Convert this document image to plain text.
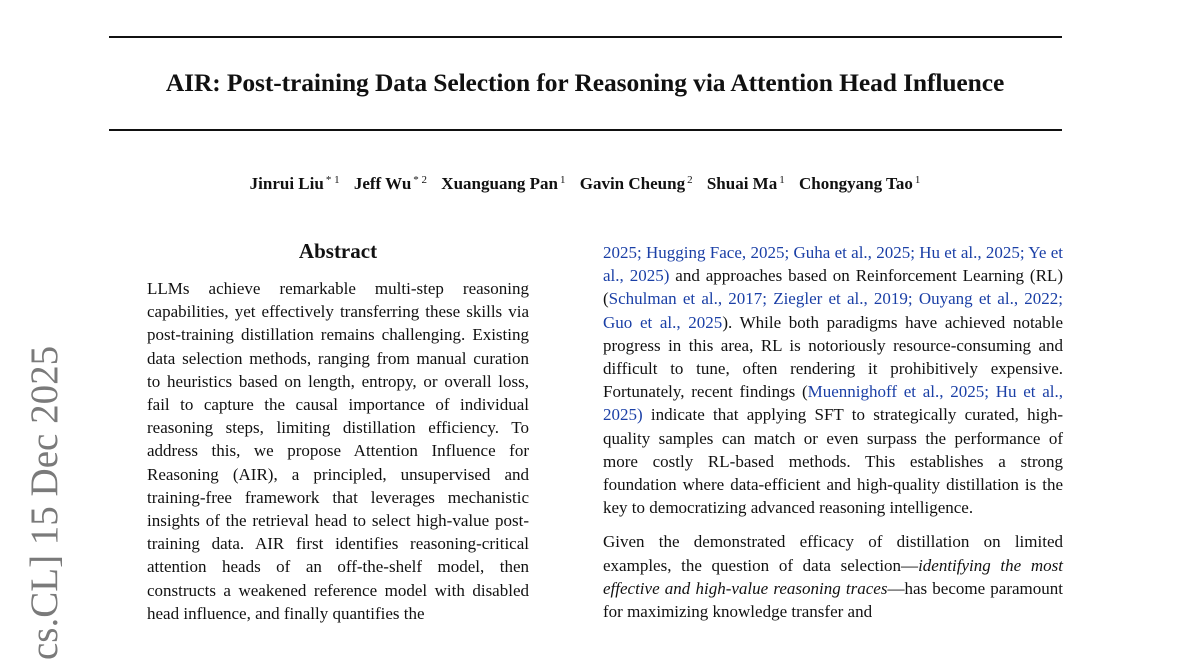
AIR: Post-training Data Selection for Reasoning via Attention Head Influence
Jinrui Liu $^{* 1}$ Jeff Wu $^{* 2}$ Xuanguang Pan $^1$ Gavin Cheung $^2$ Shuai Ma $^1$ Chongyang Tao $^1$
cs.CL] 15 Dec 2025
Abstract

LLMs achieve remarkable multi-step reasoning capabilities, yet effectively transferring these skills via post-training distillation remains challenging. Existing data selection methods, ranging from manual curation to heuristics based on length, entropy, or overall loss, fail to capture the causal importance of individual reasoning steps, limiting distillation efficiency. To address this, we propose Attention Influence for Reasoning (AIR), a principled, unsupervised and training-free framework that leverages mechanistic insights of the retrieval head to select high-value post-training data. AIR first identifies reasoning-critical attention heads of an off-the-shelf model, then constructs a weakened reference model with disabled head influence, and finally quantifies the

2025; Hugging Face, 2025; Guha et al., 2025; Hu et al., 2025; Ye et al., 2025) and approaches based on Reinforcement Learning (RL) (Schulman et al., 2017; Ziegler et al., 2019; Ouyang et al., 2022; Guo et al., 2025). While both paradigms have achieved notable progress in this area, RL is notoriously resource-consuming and difficult to tune, often rendering it prohibitively expensive. Fortunately, recent findings (Muennighoff et al., 2025; Hu et al., 2025) indicate that applying SFT to strategically curated, high-quality samples can match or even surpass the performance of more costly RL-based methods. This establishes a strong foundation where data-efficient and high-quality distillation is the key to democratizing advanced reasoning intelligence.

Given the demonstrated efficacy of distillation on limited examples, the question of data selection—identifying the most effective and high-value reasoning traces—has become paramount for maximizing knowledge transfer and
